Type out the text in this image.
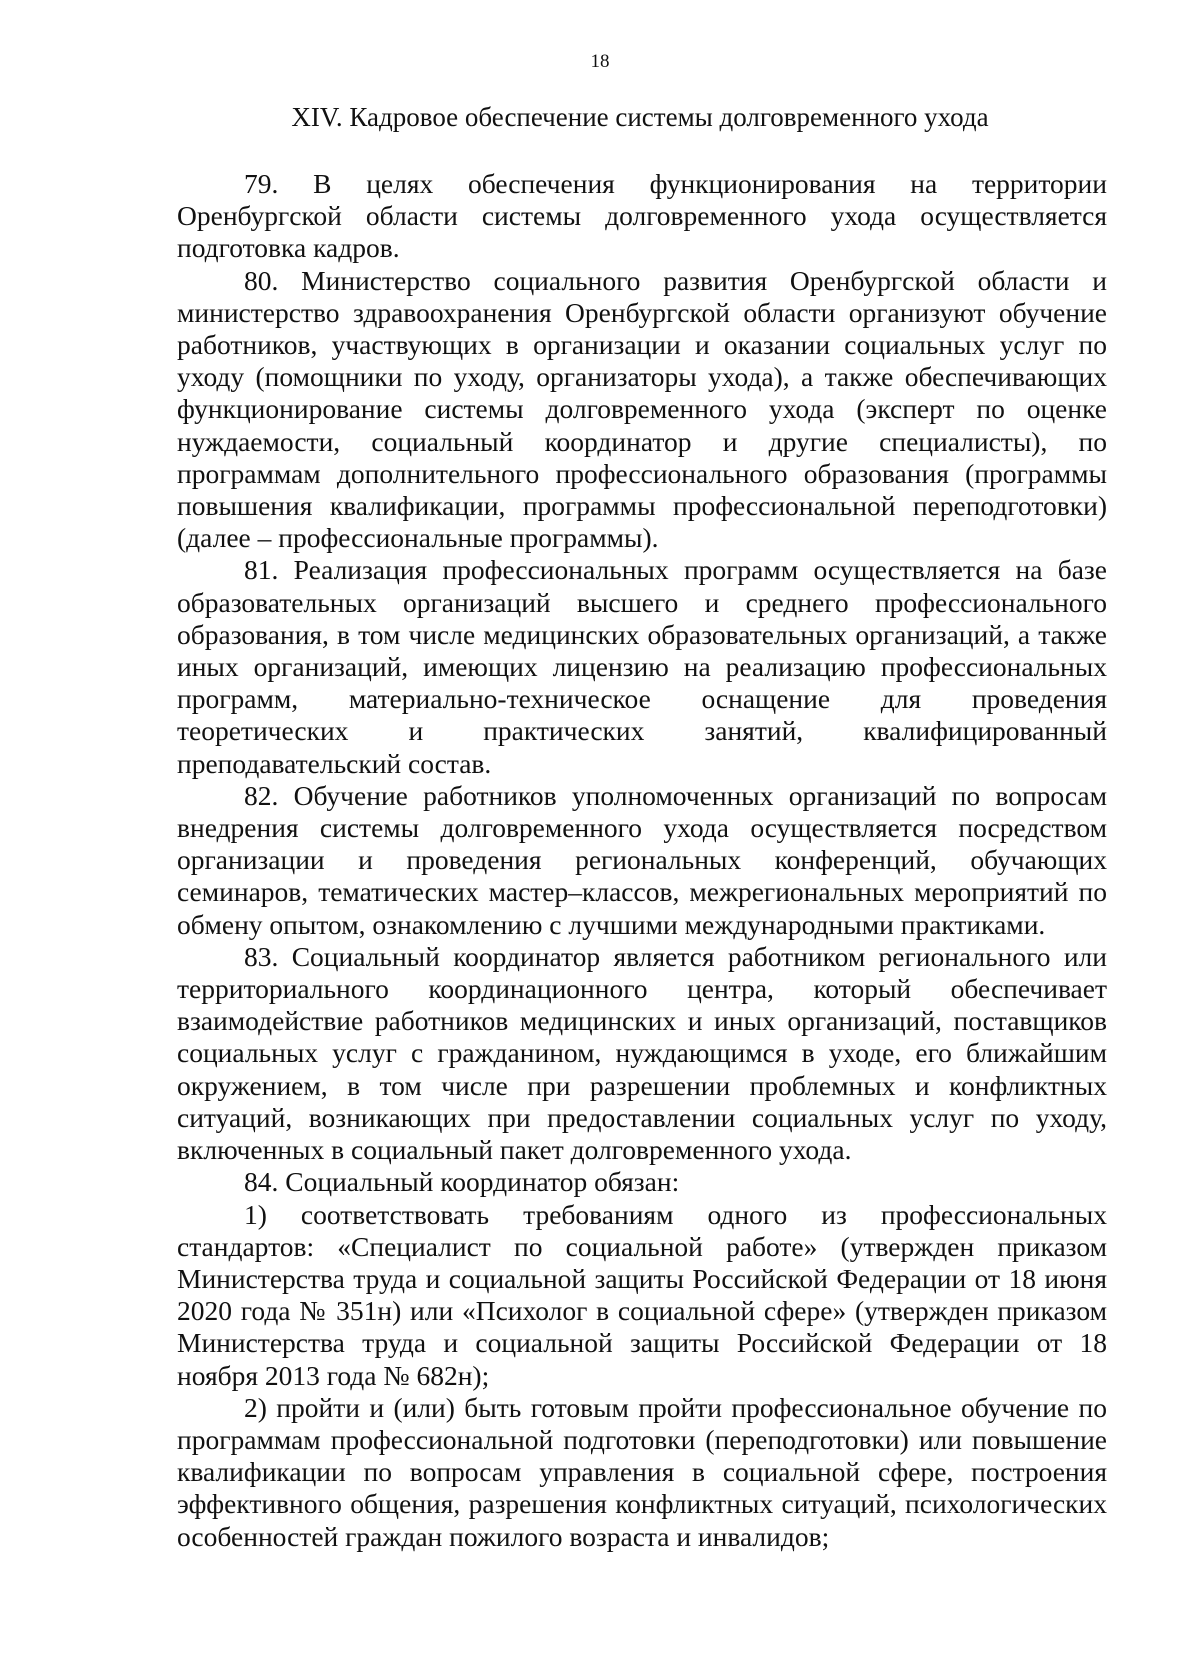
18
XIV. Кадровое обеспечение системы долговременного ухода

79. В целях обеспечения функционирования на территории Оренбургской области системы долговременного ухода осуществляется подготовка кадров.

80. Министерство социального развития Оренбургской области и министерство здравоохранения Оренбургской области организуют обучение работников, участвующих в организации и оказании социальных услуг по уходу (помощники по уходу, организаторы ухода), а также обеспечивающих функционирование системы долговременного ухода (эксперт по оценке нуждаемости, социальный координатор и другие специалисты), по программам дополнительного профессионального образования (программы повышения квалификации, программы профессиональной переподготовки) (далее – профессиональные программы).

81. Реализация профессиональных программ осуществляется на базе образовательных организаций высшего и среднего профессионального образования, в том числе медицинских образовательных организаций, а также иных организаций, имеющих лицензию на реализацию профессиональных программ, материально-техническое оснащение для проведения теоретических и практических занятий, квалифицированный преподавательский состав.

82. Обучение работников уполномоченных организаций по вопросам внедрения системы долговременного ухода осуществляется посредством организации и проведения региональных конференций, обучающих семинаров, тематических мастер–классов, межрегиональных мероприятий по обмену опытом, ознакомлению с лучшими международными практиками.

83. Социальный координатор является работником регионального или территориального координационного центра, который обеспечивает взаимодействие работников медицинских и иных организаций, поставщиков социальных услуг с гражданином, нуждающимся в уходе, его ближайшим окружением, в том числе при разрешении проблемных и конфликтных ситуаций, возникающих при предоставлении социальных услуг по уходу, включенных в социальный пакет долговременного ухода.

84. Социальный координатор обязан:

1) соответствовать требованиям одного из профессиональных стандартов: «Специалист по социальной работе» (утвержден приказом Министерства труда и социальной защиты Российской Федерации от 18 июня 2020 года № 351н) или «Психолог в социальной сфере» (утвержден приказом Министерства труда и социальной защиты Российской Федерации от 18 ноября 2013 года № 682н);

2) пройти и (или) быть готовым пройти профессиональное обучение по программам профессиональной подготовки (переподготовки) или повышение квалификации по вопросам управления в социальной сфере, построения эффективного общения, разрешения конфликтных ситуаций, психологических особенностей граждан пожилого возраста и инвалидов;
